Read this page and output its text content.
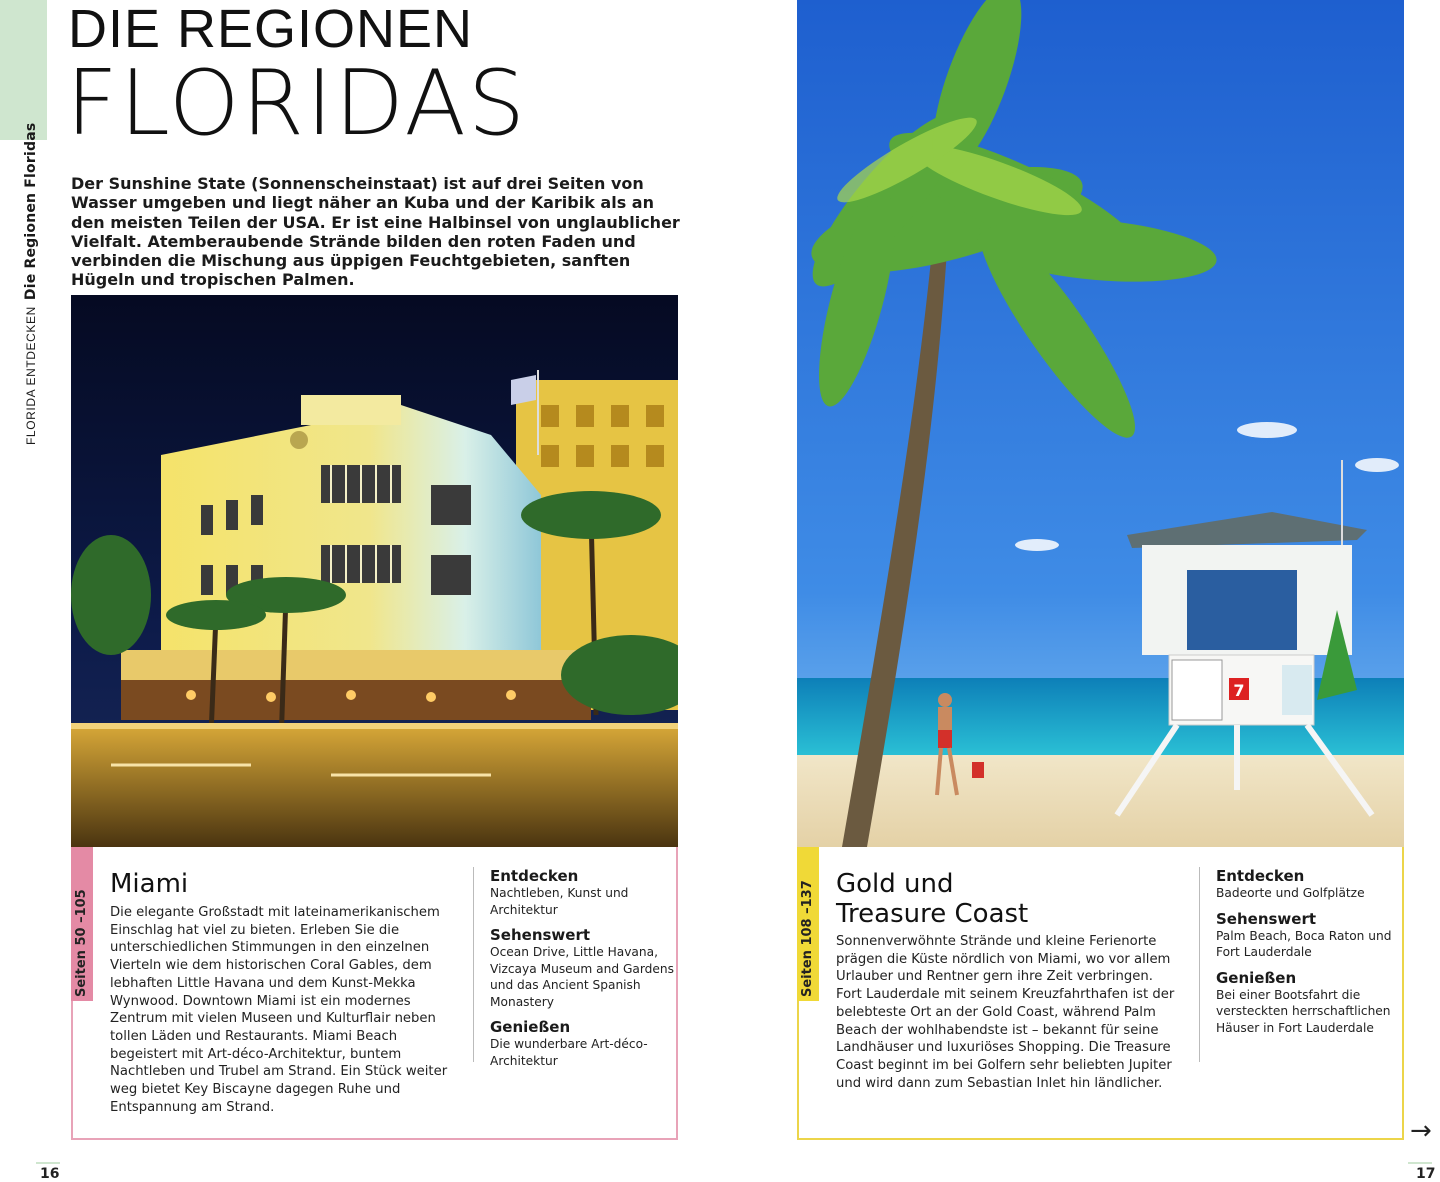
FLORIDA ENTDECKENDie Regionen Floridas
DIE REGIONEN
FLORIDAS
Der Sunshine State (Sonnenscheinstaat) ist auf drei Seiten von Wasser umgeben und liegt näher an Kuba und der Karibik als an den meisten Teilen der USA. Er ist eine Halbinsel von unglaublicher Vielfalt. Atemberaubende Strände bilden den roten Faden und verbinden die Mischung aus üppigen Feuchtgebieten, sanften Hügeln und tropischen Palmen.
Seiten 50 –105
Miami
Die elegante Großstadt mit lateinamerikanischem Einschlag hat viel zu bieten. Erleben Sie die unterschiedlichen Stimmungen in den einzelnen Vierteln wie dem historischen Coral Gables, dem lebhaften Little Havana und dem Kunst-Mekka Wynwood. Downtown Miami ist ein modernes Zentrum mit vielen Museen und Kulturflair neben tollen Läden und Restaurants. Miami Beach begeistert mit Art-déco-Architektur, buntem Nachtleben und Trubel am Strand. Ein Stück weiter weg bietet Key Biscayne dagegen Ruhe und Entspannung am Strand.
Entdecken
Nachtleben, Kunst und Architektur
Sehenswert
Ocean Drive, Little Havana, Vizcaya Museum and Gardens und das Ancient Spanish Monastery
Genießen
Die wunderbare Art-déco-Architektur
16
7
Seiten 108 –137 Gold und
Treasure Coast
Sonnenverwöhnte Strände und kleine Ferienorte prägen die Küste nördlich von Miami, wo vor allem Urlauber und Rentner gern ihre Zeit verbringen. Fort Lauderdale mit seinem Kreuzfahrthafen ist der belebteste Ort an der Gold Coast, während Palm Beach der wohlhabendste ist – bekannt für seine Landhäuser und luxuriöses Shopping. Die Treasure Coast beginnt im bei Golfern sehr beliebten Jupiter und wird dann zum Sebastian Inlet hin ländlicher.
Entdecken
Badeorte und Golfplätze
Sehenswert
Palm Beach, Boca Raton und Fort Lauderdale
Genießen
Bei einer Bootsfahrt die versteckten herrschaftlichen Häuser in Fort Lauderdale
→
17
